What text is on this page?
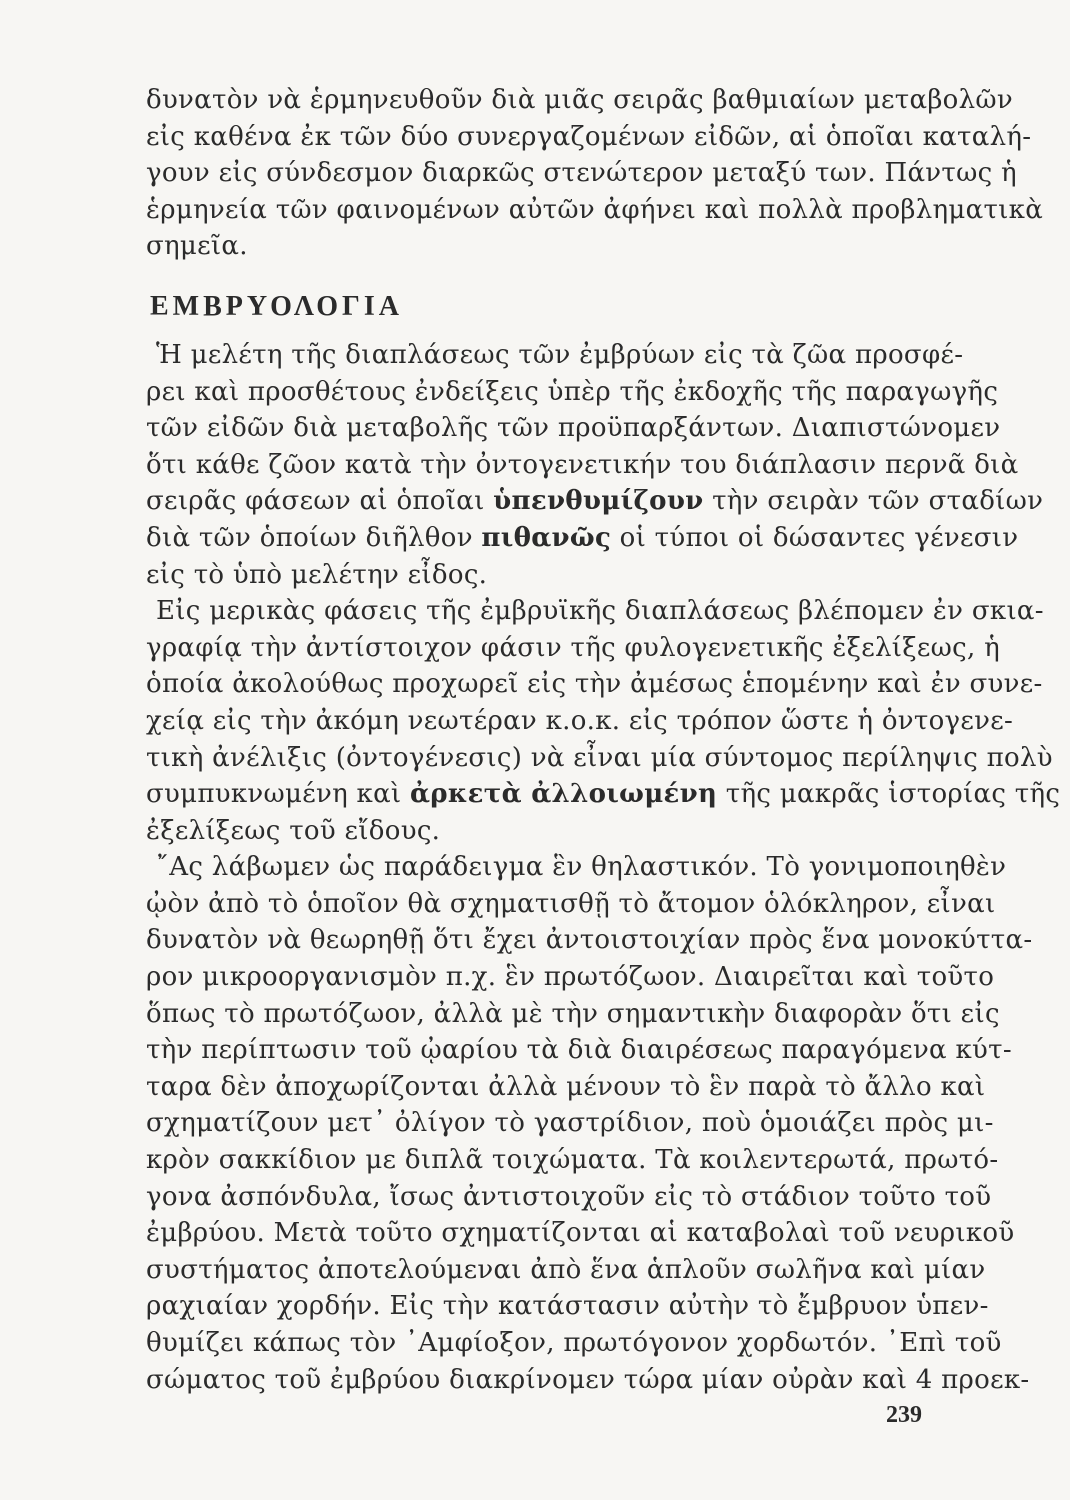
δυνατὸν νὰ ἑρμηνευθοῦν διὰ μιᾶς σειρᾶς βαθμιαίων μεταβολῶν
εἰς καθένα ἐκ τῶν δύο συνεργαζομένων εἰδῶν, αἱ ὁποῖαι καταλή-
γουν εἰς σύνδεσμον διαρκῶς στενώτερον μεταξύ των. Πάντως ἡ
ἑρμηνεία τῶν φαινομένων αὐτῶν ἀφήνει καὶ πολλὰ προβληματικὰ
σημεῖα.
ΕΜΒΡΥΟΛΟΓΙΑ
Ἡ μελέτη τῆς διαπλάσεως τῶν ἐμβρύων εἰς τὰ ζῶα προσφέ-
ρει καὶ προσθέτους ἐνδείξεις ὑπὲρ τῆς ἐκδοχῆς τῆς παραγωγῆς
τῶν εἰδῶν διὰ μεταβολῆς τῶν προϋπαρξάντων. Διαπιστώνομεν
ὅτι κάθε ζῶον κατὰ τὴν ὀντογενετικήν του διάπλασιν περνᾶ διὰ
σειρᾶς φάσεων αἱ ὁποῖαι ὑπενθυμίζουν τὴν σειρὰν τῶν σταδίων
διὰ τῶν ὁποίων διῆλθον πιθανῶς οἱ τύποι οἱ δώσαντες γένεσιν
εἰς τὸ ὑπὸ μελέτην εἶδος.
Εἰς μερικὰς φάσεις τῆς ἐμβρυϊκῆς διαπλάσεως βλέπομεν ἐν σκια-
γραφίᾳ τὴν ἀντίστοιχον φάσιν τῆς φυλογενετικῆς ἐξελίξεως, ἡ
ὁποία ἀκολούθως προχωρεῖ εἰς τὴν ἀμέσως ἑπομένην καὶ ἐν συνε-
χείᾳ εἰς τὴν ἀκόμη νεωτέραν κ.ο.κ. εἰς τρόπον ὥστε ἡ ὀντογενε-
τικὴ ἀνέλιξις (ὀντογένεσις) νὰ εἶναι μία σύντομος περίληψις πολὺ
συμπυκνωμένη καὶ ἀρκετὰ ἀλλοιωμένη τῆς μακρᾶς ἱστορίας τῆς
ἐξελίξεως τοῦ εἴδους.
῎Ας λάβωμεν ὡς παράδειγμα ἓν θηλαστικόν. Τὸ γονιμοποιηθὲν
ᾠὸν ἀπὸ τὸ ὁποῖον θὰ σχηματισθῇ τὸ ἄτομον ὁλόκληρον, εἶναι
δυνατὸν νὰ θεωρηθῇ ὅτι ἔχει ἀντοιστοιχίαν πρὸς ἕνα μονοκύττα-
ρον μικροοργανισμὸν π.χ. ἓν πρωτόζωον. Διαιρεῖται καὶ τοῦτο
ὅπως τὸ πρωτόζωον, ἀλλὰ μὲ τὴν σημαντικὴν διαφορὰν ὅτι εἰς
τὴν περίπτωσιν τοῦ ᾠαρίου τὰ διὰ διαιρέσεως παραγόμενα κύτ-
ταρα δὲν ἀποχωρίζονται ἀλλὰ μένουν τὸ ἓν παρὰ τὸ ἄλλο καὶ
σχηματίζουν μετ᾽ ὀλίγον τὸ γαστρίδιον, ποὺ ὁμοιάζει πρὸς μι-
κρὸν σακκίδιον με διπλᾶ τοιχώματα. Τὰ κοιλεντερωτά, πρωτό-
γονα ἀσπόνδυλα, ἴσως ἀντιστοιχοῦν εἰς τὸ στάδιον τοῦτο τοῦ
ἐμβρύου. Μετὰ τοῦτο σχηματίζονται αἱ καταβολαὶ τοῦ νευρικοῦ
συστήματος ἀποτελούμεναι ἀπὸ ἕνα ἁπλοῦν σωλῆνα καὶ μίαν
ραχιαίαν χορδήν. Εἰς τὴν κατάστασιν αὐτὴν τὸ ἔμβρυον ὑπεν-
θυμίζει κάπως τὸν ᾿Αμφίοξον, πρωτόγονον χορδωτόν. ᾿Επὶ τοῦ
σώματος τοῦ ἐμβρύου διακρίνομεν τώρα μίαν οὐρὰν καὶ 4 προεκ-
239
